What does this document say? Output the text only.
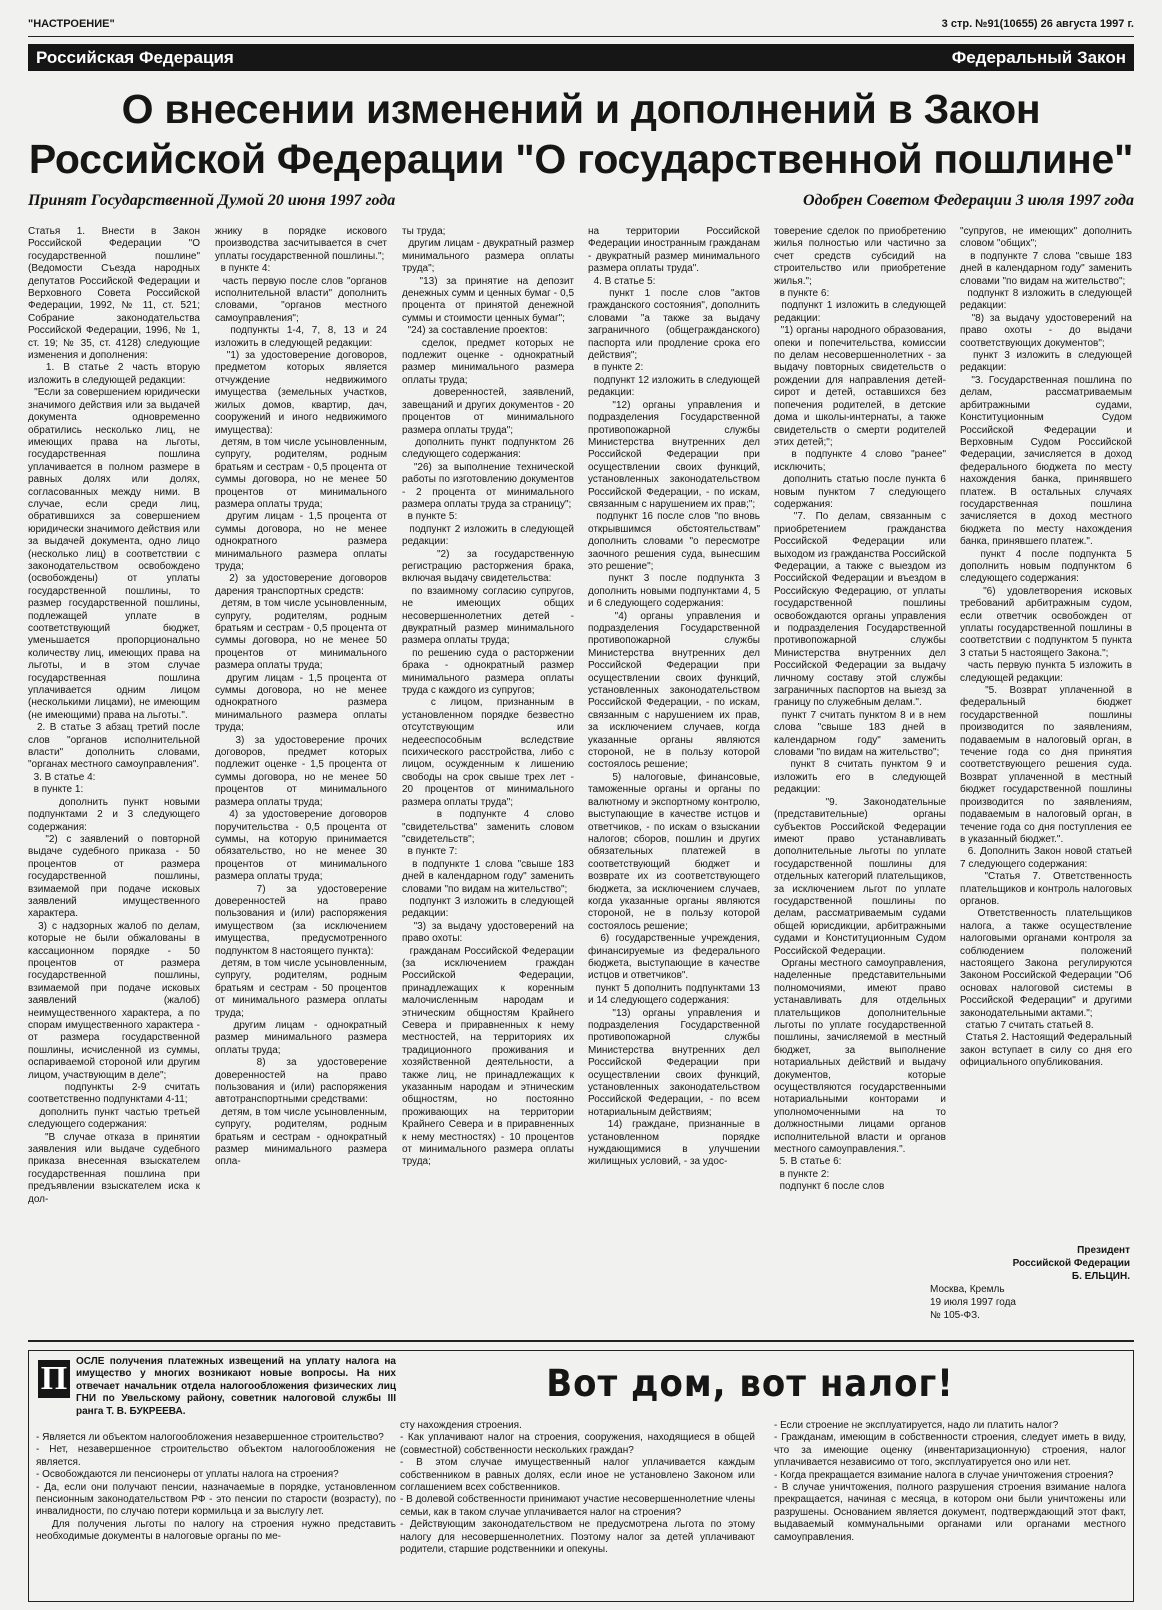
"НАСТРОЕНИЕ"	3 стр. №91(10655) 26 августа 1997 г.
Российская Федерация	Федеральный Закон
О внесении изменений и дополнений в Закон
Российской Федерации "О государственной пошлине"
Принят Государственной Думой 20 июня 1997 года	Одобрен Советом Федерации 3 июля 1997 года
Статья 1. Внести в Закон Российской Федерации "О государственной пошлине" (Ведомости Съезда народных депутатов Российской Федерации и Верховного Совета Российской Федерации, 1992, № 11, ст. 521; Собрание законодательства Российской Федерации, 1996, № 1, ст. 19; № 35, ст. 4128) следующие изменения и дополнения:
1. В статье 2 часть вторую изложить в следующей редакции:
"Если за совершением юридически значимого действия или за выдачей документа одновременно обратились несколько лиц, не имеющих права на льготы, государственная пошлина уплачивается в полном размере в равных долях или долях, согласованных между ними. В случае, если среди лиц, обратившихся за совершением юридически значимого действия или за выдачей документа, одно лицо (несколько лиц) в соответствии с законодательством освобождено (освобождены) от уплаты государственной пошлины, то размер государственной пошлины, подлежащей уплате в соответствующий бюджет, уменьшается пропорционально количеству лиц, имеющих права на льготы, и в этом случае государственная пошлина уплачивается одним лицом (несколькими лицами), не имеющим (не имеющими) права на льготы.".
2. В статье 3 абзац третий после слов "органов исполнительной власти" дополнить словами, "органах местного самоуправления".
3. В статье 4:
в пункте 1:
дополнить пункт новыми подпунктами 2 и 3 следующего содержания:
"2) с заявлений о повторной выдаче судебного приказа - 50 процентов от размера государственной пошлины, взимаемой при подаче исковых заявлений имущественного характера.
3) с надзорных жалоб по делам, которые не были обжалованы в кассационном порядке - 50 процентов от размера государственной пошлины, взимаемой при подаче исковых заявлений (жалоб) неимущественного характера, а по спорам имущественного характера - от размера государственной пошлины, исчисленной из суммы, оспариваемой стороной или другим лицом, участвующим в деле";
подпункты 2-9 считать соответственно подпунктами 4-11;
дополнить пункт частью третьей следующего содержания:
"В случае отказа в принятии заявления или выдаче судебного приказа внесенная взыскателем государственная пошлина при предъявлении взыскателем иска к дол-
жнику в порядке искового производства засчитывается в счет уплаты государственной пошлины.";
в пункте 4:
часть первую после слов "органов исполнительной власти" дополнить словами, "органов местного самоуправления";
подпункты 1-4, 7, 8, 13 и 24 изложить в следующей редакции:
"1) за удостоверение договоров, предметом которых является отчуждение недвижимого имущества (земельных участков, жилых домов, квартир, дач, сооружений и иного недвижимого имущества):
детям, в том числе усыновленным, супругу, родителям, родным братьям и сестрам - 0,5 процента от суммы договора, но не менее 50 процентов от минимального размера оплаты труда;
другим лицам - 1,5 процента от суммы договора, но не менее однократного размера минимального размера оплаты труда;
2) за удостоверение договоров дарения транспортных средств:
детям, в том числе усыновленным, супругу, родителям, родным братьям и сестрам - 0,5 процента от суммы договора, но не менее 50 процентов от минимального размера оплаты труда;
другим лицам - 1,5 процента от суммы договора, но не менее однократного размера минимального размера оплаты труда;
3) за удостоверение прочих договоров, предмет которых подлежит оценке - 1,5 процента от суммы договора, но не менее 50 процентов от минимального размера оплаты труда;
4) за удостоверение договоров поручительства - 0,5 процента от суммы, на которую принимается обязательство, но не менее 30 процентов от минимального размера оплаты труда;
7) за удостоверение доверенностей на право пользования и (или) распоряжения имуществом (за исключением имущества, предусмотренного подпунктом 8 настоящего пункта):
детям, в том числе усыновленным, супругу, родителям, родным братьям и сестрам - 50 процентов от минимального размера оплаты труда;
другим лицам - однократный размер минимального размера оплаты труда;
8) за удостоверение доверенностей на право пользования и (или) распоряжения автотранспортными средствами:
детям, в том числе усыновленным, супругу, родителям, родным братьям и сестрам - однократный размер минимального размера опла-
ты труда;
другим лицам - двукратный размер минимального размера оплаты труда";
"13) за принятие на депозит денежных сумм и ценных бумаг - 0,5 процента от принятой денежной суммы и стоимости ценных бумаг";
"24) за составление проектов:
сделок, предмет которых не подлежит оценке - однократный размер минимального размера оплаты труда;
доверенностей, заявлений, завещаний и других документов - 20 процентов от минимального размера оплаты труда";
дополнить пункт подпунктом 26 следующего содержания:
"26) за выполнение технической работы по изготовлению документов - 2 процента от минимального размера оплаты труда за страницу";
в пункте 5:
подпункт 2 изложить в следующей редакции:
"2) за государственную регистрацию расторжения брака, включая выдачу свидетельства:
по взаимному согласию супругов, не имеющих общих несовершеннолетних детей - двукратный размер минимального размера оплаты труда;
по решению суда о расторжении брака - однократный размер минимального размера оплаты труда с каждого из супругов;
с лицом, признанным в установленном порядке безвестно отсутствующим или недееспособным вследствие психического расстройства, либо с лицом, осужденным к лишению свободы на срок свыше трех лет - 20 процентов от минимального размера оплаты труда";
в подпункте 4 слово "свидетельства" заменить словом "свидетельств";
в пункте 7:
в подпункте 1 слова "свыше 183 дней в календарном году" заменить словами "по видам на жительство";
подпункт 3 изложить в следующей редакции:
"3) за выдачу удостоверений на право охоты:
гражданам Российской Федерации (за исключением граждан Российской Федерации, принадлежащих к коренным малочисленным народам и этническим общностям Крайнего Севера и приравненных к нему местностей, на территориях их традиционного проживания и хозяйственной деятельности, а также лиц, не принадлежащих к указанным народам и этническим общностям, но постоянно проживающих на территории Крайнего Севера и в приравненных к нему местностях) - 10 процентов от минимального размера оплаты труда;
на территории Российской Федерации иностранным гражданам - двукратный размер минимального размера оплаты труда".
4. В статье 5:
пункт 1 после слов "актов гражданского состояния", дополнить словами "а также за выдачу заграничного (общегражданского) паспорта или продление срока его действия";
в пункте 2:
подпункт 12 изложить в следующей редакции:
"12) органы управления и подразделения Государственной противопожарной службы Министерства внутренних дел Российской Федерации при осуществлении своих функций, установленных законодательством Российской Федерации, - по искам, связанным с нарушением их прав;";
подпункт 16 после слов "по вновь открывшимся обстоятельствам" дополнить словами "о пересмотре заочного решения суда, вынесшим это решение";
пункт 3 после подпункта 3 дополнить новыми подпунктами 4, 5 и 6 следующего содержания:
"4) органы управления и подразделения Государственной противопожарной службы Министерства внутренних дел Российской Федерации при осуществлении своих функций, установленных законодательством Российской Федерации, - по искам, связанным с нарушением их прав, за исключением случаев, когда указанные органы являются стороной, не в пользу которой состоялось решение;
5) налоговые, финансовые, таможенные органы и органы по валютному и экспортному контролю, выступающие в качестве истцов и ответчиков, - по искам о взыскании налогов; сборов, пошлин и других обязательных платежей в соответствующий бюджет и возврате их из соответствующего бюджета, за исключением случаев, когда указанные органы являются стороной, не в пользу которой состоялось решение;
6) государственные учреждения, финансируемые из федерального бюджета, выступающие в качестве истцов и ответчиков".
пункт 5 дополнить подпунктами 13 и 14 следующего содержания:
"13) органы управления и подразделения Государственной противопожарной службы Министерства внутренних дел Российской Федерации при осуществлении своих функций, установленных законодательством Российской Федерации, - по всем нотариальным действиям;
14) граждане, признанные в установленном порядке нуждающимися в улучшении жилищных условий, - за удос-
товерение сделок по приобретению жилья полностью или частично за счет средств субсидий на строительство или приобретение жилья.";
в пункте 6:
подпункт 1 изложить в следующей редакции:
"1) органы народного образования, опеки и попечительства, комиссии по делам несовершеннолетних - за выдачу повторных свидетельств о рождении для направления детей-сирот и детей, оставшихся без попечения родителей, в детские дома и школы-интернаты, а также свидетельств о смерти родителей этих детей;";
в подпункте 4 слово "ранее" исключить;
дополнить статью после пункта 6 новым пунктом 7 следующего содержания:
"7. По делам, связанным с приобретением гражданства Российской Федерации или выходом из гражданства Российской Федерации, а также с выездом из Российской Федерации и въездом в Российскую Федерацию, от уплаты государственной пошлины освобождаются органы управления и подразделения Государственной противопожарной службы Министерства внутренних дел Российской Федерации за выдачу личному составу этой службы заграничных паспортов на выезд за границу по служебным делам.".
пункт 7 считать пунктом 8 и в нем слова "свыше 183 дней в календарном году" заменить словами "по видам на жительство";
пункт 8 считать пунктом 9 и изложить его в следующей редакции:
"9. Законодательные (представительные) органы субъектов Российской Федерации имеют право устанавливать дополнительные льготы по уплате государственной пошлины для отдельных категорий плательщиков, за исключением льгот по уплате государственной пошлины по делам, рассматриваемым судами общей юрисдикции, арбитражными судами и Конституционным Судом Российской Федерации.
Органы местного самоуправления, наделенные представительными полномочиями, имеют право устанавливать для отдельных плательщиков дополнительные льготы по уплате государственной пошлины, зачисляемой в местный бюджет, за выполнение нотариальных действий и выдачу документов, которые осуществляются государственными нотариальными конторами и уполномоченными на то должностными лицами органов исполнительной власти и органов местного самоуправления.".
5. В статье 6:
в пункте 2:
подпункт 6 после слов
"супругов, не имеющих" дополнить словом "общих";
в подпункте 7 слова "свыше 183 дней в календарном году" заменить словами "по видам на жительство";
подпункт 8 изложить в следующей редакции:
"8) за выдачу удостоверений на право охоты - до выдачи соответствующих документов";
пункт 3 изложить в следующей редакции:
"3. Государственная пошлина по делам, рассматриваемым арбитражными судами, Конституционным Судом Российской Федерации и Верховным Судом Российской Федерации, зачисляется в доход федерального бюджета по месту нахождения банка, принявшего платеж. В остальных случаях государственная пошлина зачисляется в доход местного бюджета по месту нахождения банка, принявшего платеж.".
пункт 4 после подпункта 5 дополнить новым подпунктом 6 следующего содержания:
"6) удовлетворения исковых требований арбитражным судом, если ответчик освобожден от уплаты государственной пошлины в соответствии с подпунктом 5 пункта 3 статьи 5 настоящего Закона.";
часть первую пункта 5 изложить в следующей редакции:
"5. Возврат уплаченной в федеральный бюджет государственной пошлины производится по заявлениям, подаваемым в налоговый орган, в течение года со дня принятия соответствующего решения суда. Возврат уплаченной в местный бюджет государственной пошлины производится по заявлениям, подаваемым в налоговый орган, в течение года со дня поступления ее в указанный бюджет.".
6. Дополнить Закон новой статьей 7 следующего содержания:
"Статья 7. Ответственность плательщиков и контроль налоговых органов.
Ответственность плательщиков налога, а также осуществление налоговыми органами контроля за соблюдением положений настоящего Закона регулируются Законом Российской Федерации "Об основах налоговой системы в Российской Федерации" и другими законодательными актами.";
статью 7 считать статьей 8.
Статья 2. Настоящий Федеральный закон вступает в силу со дня его официального опубликования.
Президент
Российской Федерации
Б. ЕЛЬЦИН.
Москва, Кремль
19 июля 1997 года
№ 105-ФЗ.
П ОСЛЕ получения платежных извещений на уплату налога на имущество у многих возникают новые вопросы. На них отвечает начальник отдела налогообложения физических лиц ГНИ по Увельскому району, советник налоговой службы III ранга Т. В. БУКРЕЕВА.
Вот дом, вот налог!
- Является ли объектом налогообложения незавершенное строительство?
- Нет, незавершенное строительство объектом налогообложения не является.
- Освобождаются ли пенсионеры от уплаты налога на строения?
- Да, если они получают пенсии, назначаемые в порядке, установленном пенсионным законодательством РФ - это пенсии по старости (возрасту), по инвалидности, по случаю потери кормильца и за выслугу лет.
Для получения льготы по налогу на строения нужно представить необходимые документы в налоговые органы по ме-
сту нахождения строения.
- Как уплачивают налог на строения, сооружения, находящиеся в общей (совместной) собственности нескольких граждан?
- В этом случае имущественный налог уплачивается каждым собственником в равных долях, если иное не установлено Законом или соглашением всех собственников.
- В долевой собственности принимают участие несовершеннолетние члены семьи, как в таком случае уплачивается налог на строения?
- Действующим законодательством не предусмотрена льгота по этому налогу для несовершеннолетних. Поэтому налог за детей уплачивают родители, старшие родственники и опекуны.
- Если строение не эксплуатируется, надо ли платить налог?
- Гражданам, имеющим в собственности строения, следует иметь в виду, что за имеющие оценку (инвентаризационную) строения, налог уплачивается независимо от того, эксплуатируется оно или нет.
- Когда прекращается взимание налога в случае уничтожения строения?
- В случае уничтожения, полного разрушения строения взимание налога прекращается, начиная с месяца, в котором они были уничтожены или разрушены. Основанием является документ, подтверждающий этот факт, выдаваемый коммунальными органами или органами местного самоуправления.
